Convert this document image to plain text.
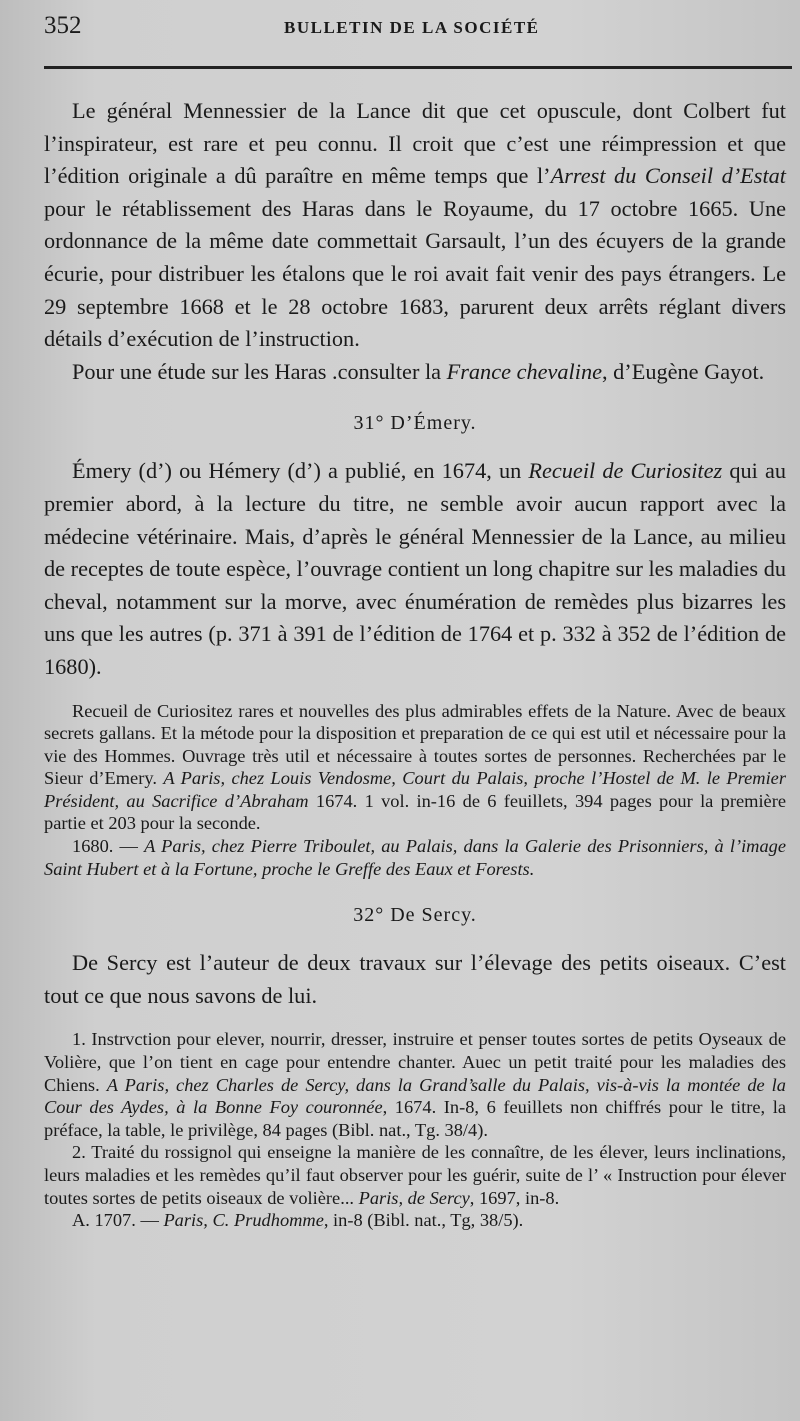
352	BULLETIN DE LA SOCIÉTÉ

Le général Mennessier de la Lance dit que cet opuscule, dont Colbert fut l’inspirateur, est rare et peu connu. Il croit que c’est une réimpression et que l’édition originale a dû paraître en même temps que l’Arrest du Conseil d’Estat pour le rétablissement des Haras dans le Royaume, du 17 octobre 1665. Une ordonnance de la même date commettait Garsault, l’un des écuyers de la grande écurie, pour distribuer les étalons que le roi avait fait venir des pays étrangers. Le 29 septembre 1668 et le 28 octobre 1683, parurent deux arrêts réglant divers détails d’exécution de l’instruction.

Pour une étude sur les Haras .consulter la France chevaline, d’Eugène Gayot.

31° D’Émery.

Émery (d’) ou Hémery (d’) a publié, en 1674, un Recueil de Curiositez qui au premier abord, à la lecture du titre, ne semble avoir aucun rapport avec la médecine vétérinaire. Mais, d’après le général Mennessier de la Lance, au milieu de receptes de toute espèce, l’ouvrage contient un long chapitre sur les maladies du cheval, notamment sur la morve, avec énumération de remèdes plus bizarres les uns que les autres (p. 371 à 391 de l’édition de 1764 et p. 332 à 352 de l’édition de 1680).

Recueil de Curiositez rares et nouvelles des plus admirables effets de la Nature. Avec de beaux secrets gallans. Et la métode pour la disposition et preparation de ce qui est util et nécessaire pour la vie des Hommes. Ouvrage très util et nécessaire à toutes sortes de personnes. Recherchées par le Sieur d’Emery. A Paris, chez Louis Vendosme, Court du Palais, proche l’Hostel de M. le Premier Président, au Sacrifice d’Abraham 1674. 1 vol. in-16 de 6 feuillets, 394 pages pour la première partie et 203 pour la seconde.

1680. — A Paris, chez Pierre Triboulet, au Palais, dans la Galerie des Prisonniers, à l’image Saint Hubert et à la Fortune, proche le Greffe des Eaux et Forests.

32° De Sercy.

De Sercy est l’auteur de deux travaux sur l’élevage des petits oiseaux. C’est tout ce que nous savons de lui.

1. Instrvction pour elever, nourrir, dresser, instruire et penser toutes sortes de petits Oyseaux de Volière, que l’on tient en cage pour entendre chanter. Auec un petit traité pour les maladies des Chiens. A Paris, chez Charles de Sercy, dans la Grand’salle du Palais, vis-à-vis la montée de la Cour des Aydes, à la Bonne Foy couronnée, 1674. In-8, 6 feuillets non chiffrés pour le titre, la préface, la table, le privilège, 84 pages (Bibl. nat., Tg. 38/4).

2. Traité du rossignol qui enseigne la manière de les connaître, de les élever, leurs inclinations, leurs maladies et les remèdes qu’il faut observer pour les guérir, suite de l’ « Instruction pour élever toutes sortes de petits oiseaux de volière... Paris, de Sercy, 1697, in-8.

A. 1707. — Paris, C. Prudhomme, in-8 (Bibl. nat., Tg, 38/5).
